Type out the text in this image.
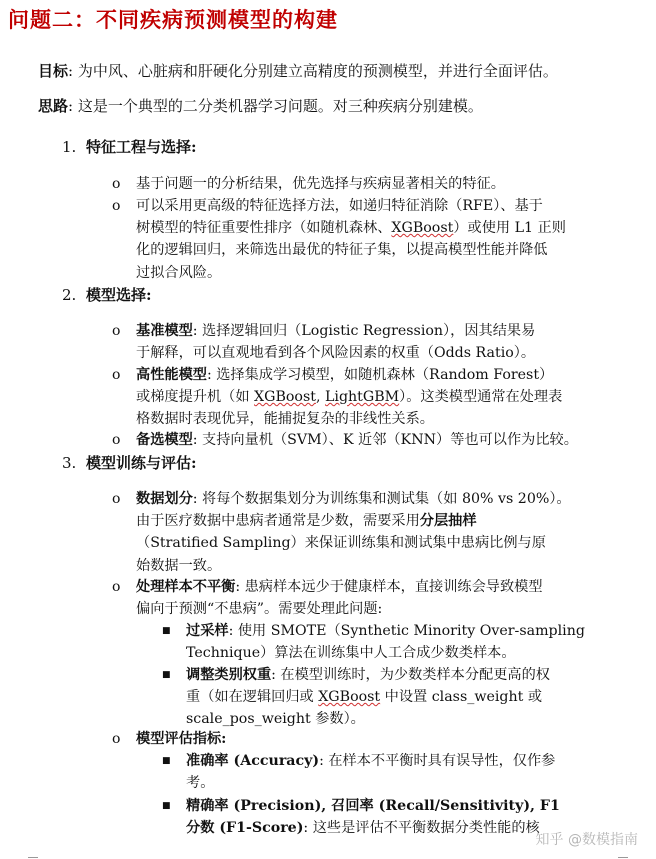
问题二：不同疾病预测模型的构建
目标: 为中风、心脏病和肝硬化分别建立高精度的预测模型，并进行全面评估。
思路: 这是一个典型的二分类机器学习问题。对三种疾病分别建模。
1. 特征工程与选择:
o 基于问题一的分析结果，优先选择与疾病显著相关的特征。
o 可以采用更高级的特征选择方法，如递归特征消除（RFE）、基于
树模型的特征重要性排序（如随机森林、XGBoost）或使用 L1 正则
化的逻辑回归，来筛选出最优的特征子集，以提高模型性能并降低
过拟合风险。
2. 模型选择:
o 基准模型: 选择逻辑回归（Logistic Regression），因其结果易
于解释，可以直观地看到各个风险因素的权重（Odds Ratio）。
o 高性能模型: 选择集成学习模型，如随机森林（Random Forest）
或梯度提升机（如 XGBoost, LightGBM）。这类模型通常在处理表
格数据时表现优异，能捕捉复杂的非线性关系。
o 备选模型: 支持向量机（SVM）、K 近邻（KNN）等也可以作为比较。
3. 模型训练与评估:
o 数据划分: 将每个数据集划分为训练集和测试集（如 80% vs 20%）。
由于医疗数据中患病者通常是少数，需要采用分层抽样
（Stratified Sampling）来保证训练集和测试集中患病比例与原
始数据一致。
o 处理样本不平衡: 患病样本远少于健康样本，直接训练会导致模型
偏向于预测“不患病”。需要处理此问题:
■ 过采样: 使用 SMOTE（Synthetic Minority Over-sampling
Technique）算法在训练集中人工合成少数类样本。
■ 调整类别权重: 在模型训练时，为少数类样本分配更高的权
重（如在逻辑回归或 XGBoost 中设置 class_weight 或
scale_pos_weight 参数）。
o 模型评估指标:
■ 准确率 (Accuracy): 在样本不平衡时具有误导性，仅作参
考。
■ 精确率 (Precision), 召回率 (Recall/Sensitivity), F1
分数 (F1-Score): 这些是评估不平衡数据分类性能的核
知乎 @数模指南
